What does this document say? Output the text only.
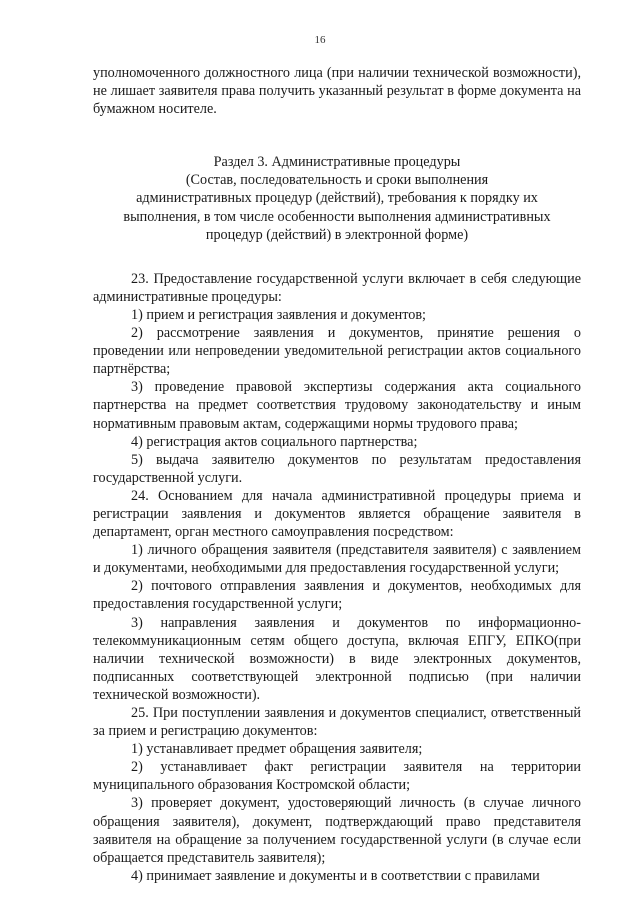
16

уполномоченного должностного лица (при наличии технической возможности), не лишает заявителя права получить указанный результат в форме документа на бумажном носителе.

Раздел 3. Административные процедуры
(Состав, последовательность и сроки выполнения
административных процедур (действий), требования к порядку их
выполнения, в том числе особенности выполнения административных
процедур (действий) в электронной форме)

23. Предоставление государственной услуги включает в себя следующие административные процедуры:

1) прием и регистрация заявления и документов;

2) рассмотрение заявления и документов, принятие решения о проведении или непроведении уведомительной регистрации актов социального партнёрства;

3) проведение правовой экспертизы содержания акта социального партнерства на предмет соответствия трудовому законодательству и иным нормативным правовым актам, содержащими нормы трудового права;

4) регистрация актов социального партнерства;

5) выдача заявителю документов по результатам предоставления государственной услуги.

24. Основанием для начала административной процедуры приема и регистрации заявления и документов является обращение заявителя в департамент, орган местного самоуправления посредством:

1) личного обращения заявителя (представителя заявителя) с заявлением и документами, необходимыми для предоставления государственной услуги;

2) почтового отправления заявления и документов, необходимых для предоставления государственной услуги;

3) направления заявления и документов по информационно-телекоммуникационным сетям общего доступа, включая ЕПГУ, ЕПКО(при наличии технической возможности) в виде электронных документов, подписанных соответствующей электронной подписью (при наличии технической возможности).

25. При поступлении заявления и документов специалист, ответственный за прием и регистрацию документов:

1) устанавливает предмет обращения заявителя;

2) устанавливает факт регистрации заявителя на территории муниципального образования Костромской области;

3) проверяет документ, удостоверяющий личность (в случае личного обращения заявителя), документ, подтверждающий право представителя заявителя на обращение за получением государственной услуги (в случае если обращается представитель заявителя);

4) принимает заявление и документы и в соответствии с правилами
